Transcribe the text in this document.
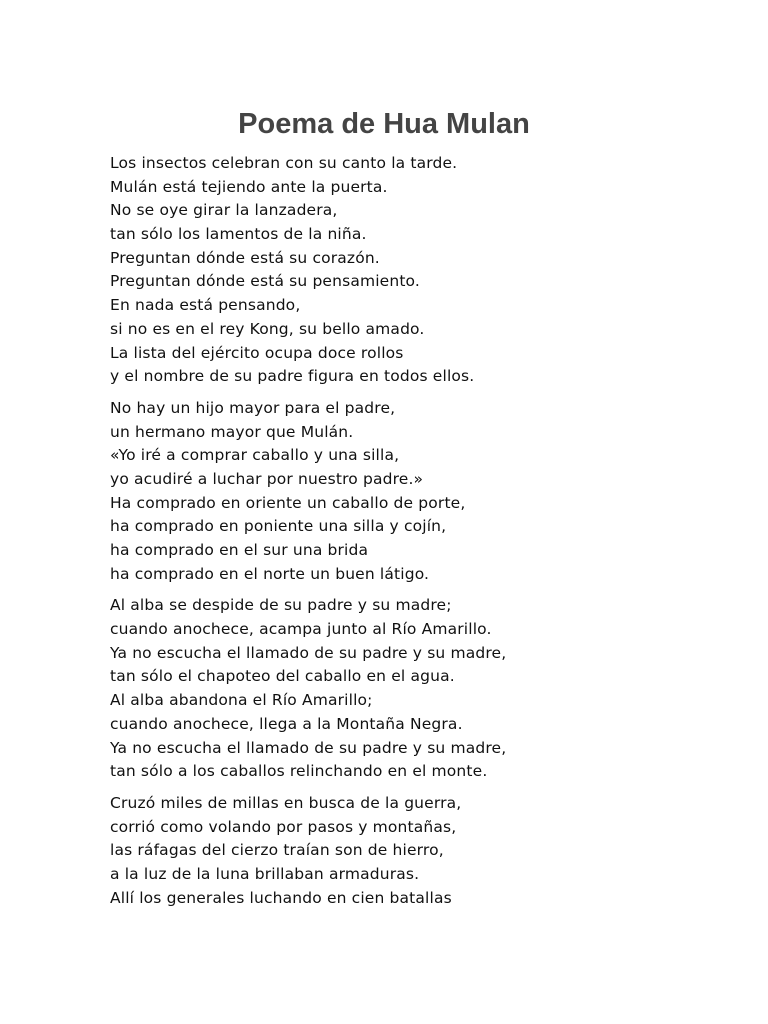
Poema de Hua Mulan
Los insectos celebran con su canto la tarde.
Mulán está tejiendo ante la puerta.
No se oye girar la lanzadera,
tan sólo los lamentos de la niña.
Preguntan dónde está su corazón.
Preguntan dónde está su pensamiento.
En nada está pensando,
si no es en el rey Kong, su bello amado.
La lista del ejército ocupa doce rollos
y el nombre de su padre figura en todos ellos.
No hay un hijo mayor para el padre,
un hermano mayor que Mulán.
«Yo iré a comprar caballo y una silla,
yo acudiré a luchar por nuestro padre.»
Ha comprado en oriente un caballo de porte,
ha comprado en poniente una silla y cojín,
ha comprado en el sur una brida
ha comprado en el norte un buen látigo.
Al alba se despide de su padre y su madre;
cuando anochece, acampa junto al Río Amarillo.
Ya no escucha el llamado de su padre y su madre,
tan sólo el chapoteo del caballo en el agua.
Al alba abandona el Río Amarillo;
cuando anochece, llega a la Montaña Negra.
Ya no escucha el llamado de su padre y su madre,
tan sólo a los caballos relinchando en el monte.
Cruzó miles de millas en busca de la guerra,
corrió como volando por pasos y montañas,
las ráfagas del cierzo traían son de hierro,
a la luz de la luna brillaban armaduras.
Allí los generales luchando en cien batallas
